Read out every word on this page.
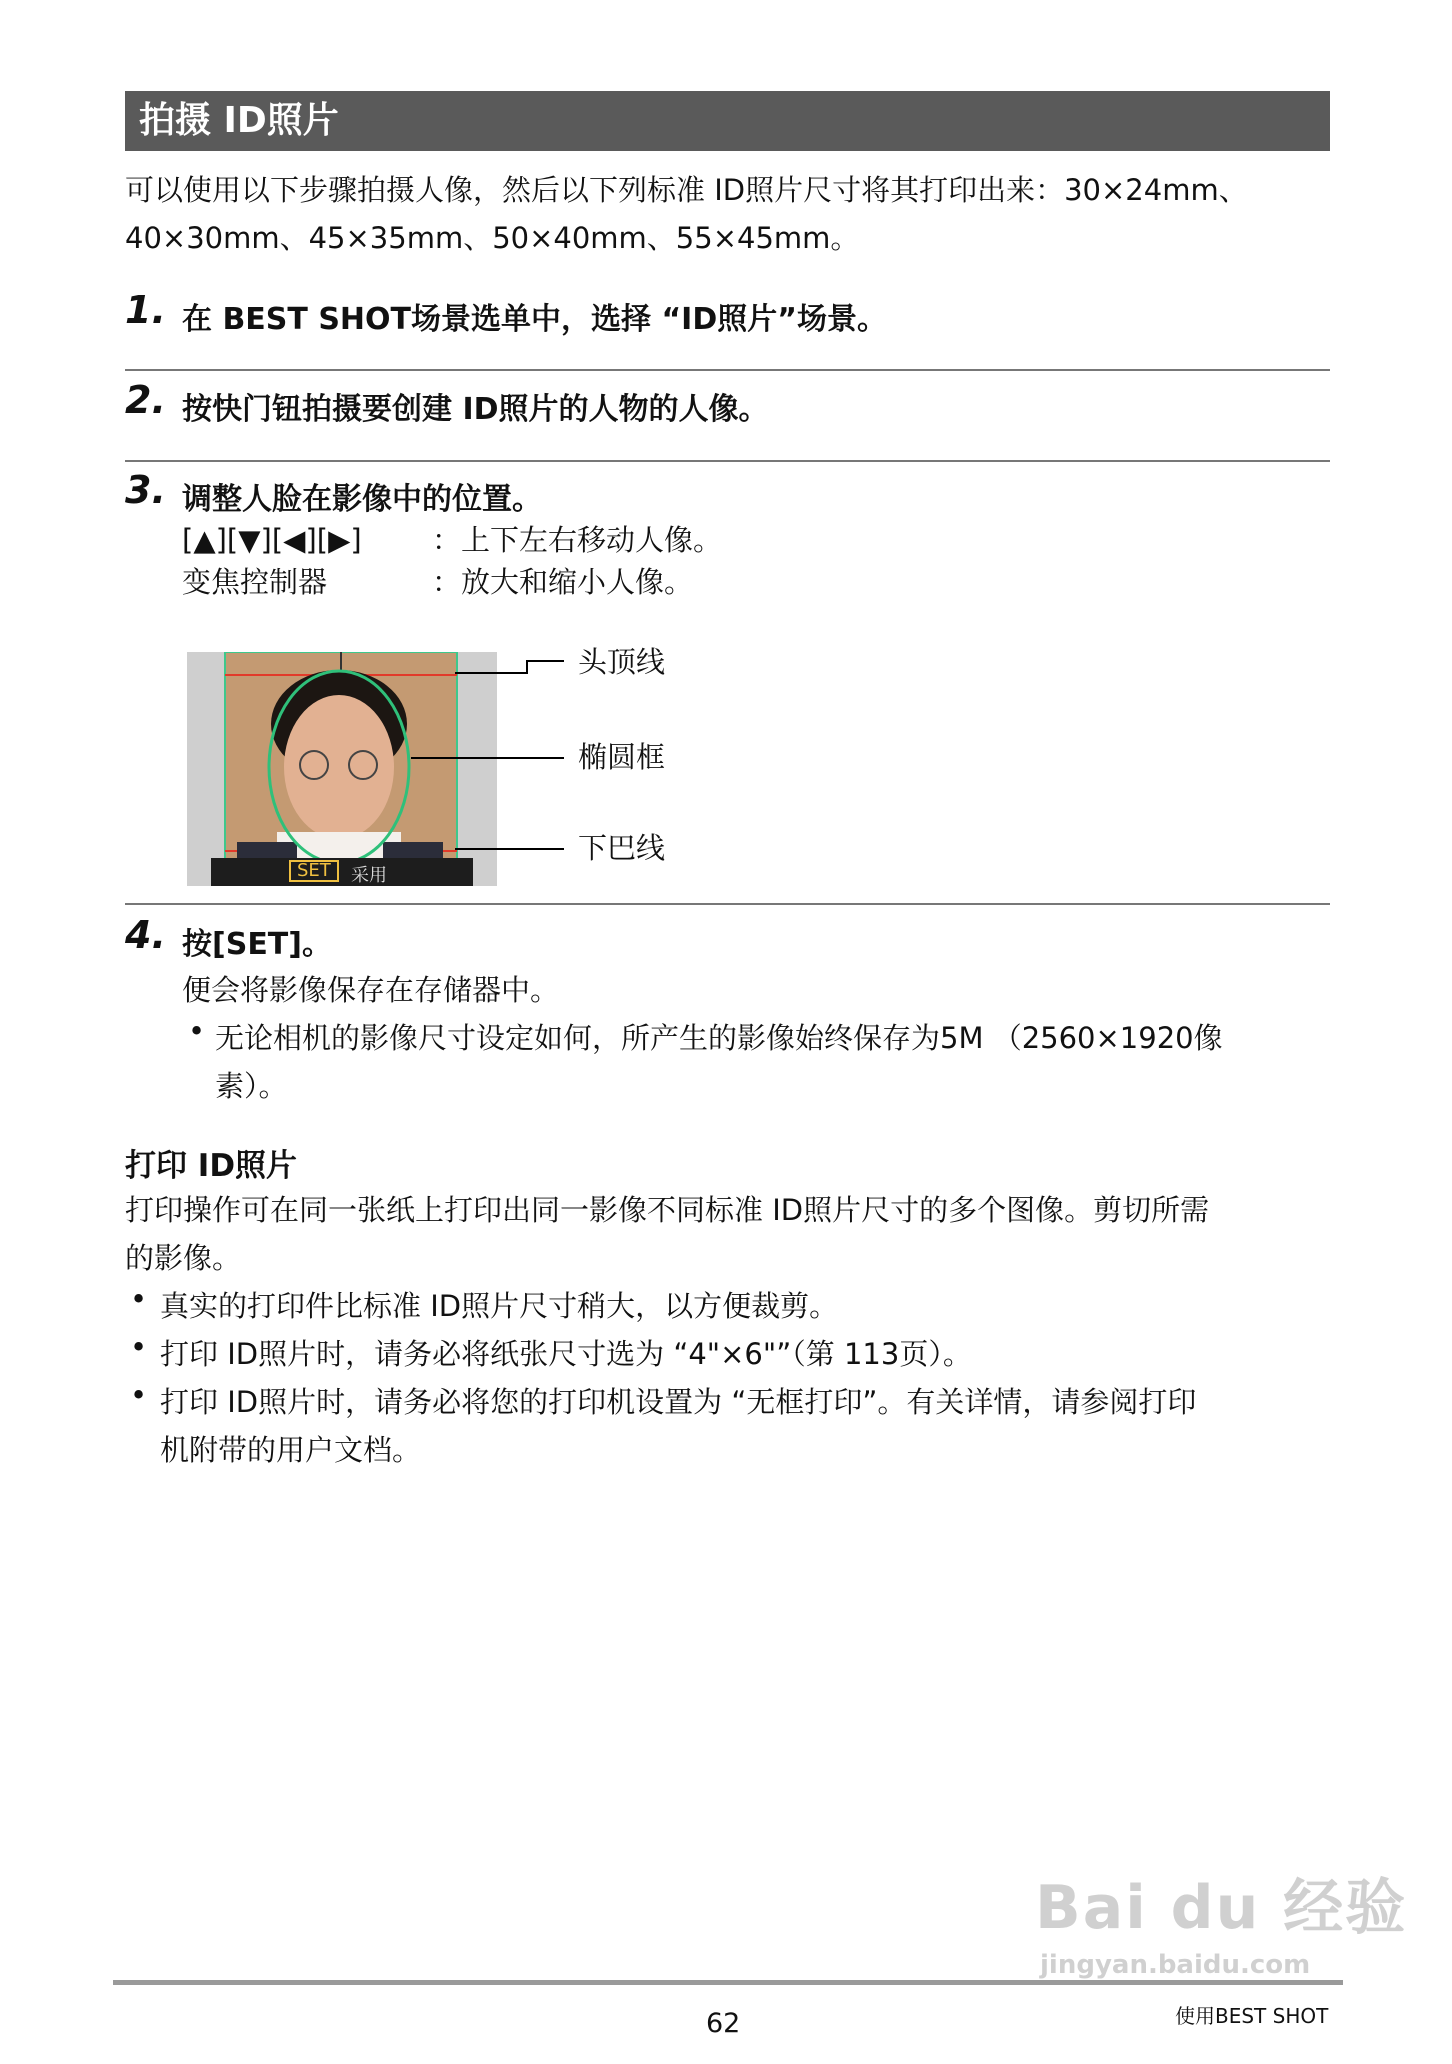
拍摄 ID照片
可以使用以下步骤拍摄人像，然后以下列标准 ID照片尺寸将其打印出来：30×24mm、
40×30mm、45×35mm、50×40mm、55×45mm。
1. 在 BEST SHOT场景选单中，选择 “ID照片”场景。
2. 按快门钮拍摄要创建 ID照片的人物的人像。
3. 调整人脸在影像中的位置。
[▲][▼][◀][▶] ：上下左右移动人像。
变焦控制器	：放大和缩小人像。
SET	采用
头顶线
椭圆框
下巴线
4. 按[SET]。
便会将影像保存在存储器中。
• 无论相机的影像尺寸设定如何，所产生的影像始终保存为5M （2560×1920像
素）。
打印 ID照片
打印操作可在同一张纸上打印出同一影像不同标准 ID照片尺寸的多个图像。剪切所需
的影像。
• 真实的打印件比标准 ID照片尺寸稍大，以方便裁剪。
• 打印 ID照片时，请务必将纸张尺寸选为 “4"×6"”（第 113页）。
• 打印 ID照片时，请务必将您的打印机设置为 “无框打印”。有关详情，请参阅打印
机附带的用户文档。
Bai du 经验
jingyan.baidu.com
62	使用BEST SHOT
